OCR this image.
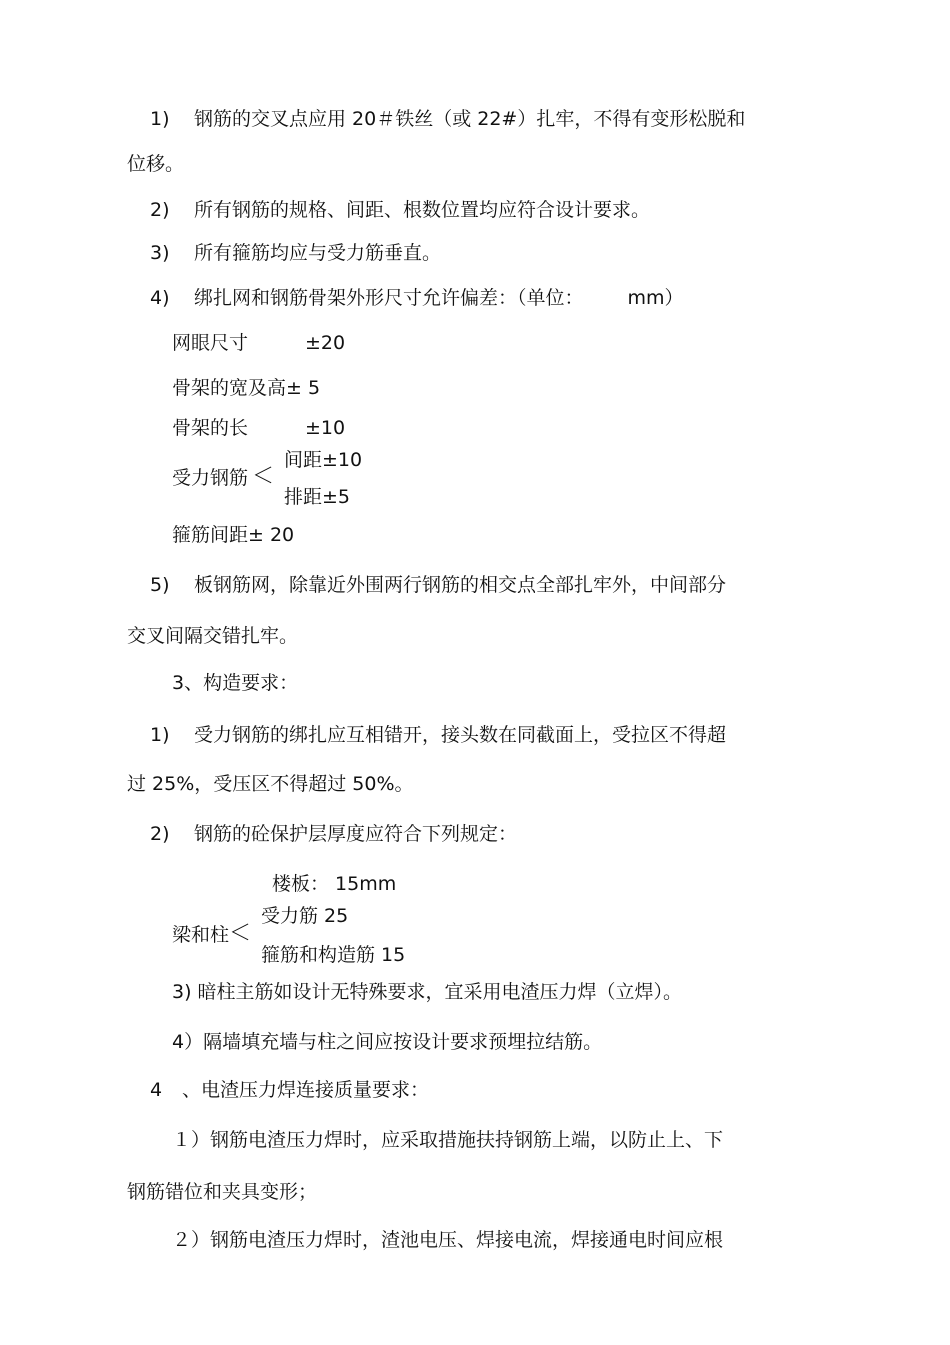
1) 钢筋的交叉点应用 20＃铁丝（或 22#）扎牢，不得有变形松脱和
位移。
2) 所有钢筋的规格、间距、根数位置均应符合设计要求。
3) 所有箍筋均应与受力筋垂直。
4) 绑扎网和钢筋骨架外形尺寸允许偏差：（单位： mm）
网眼尺寸	±20
骨架的宽及高± 5
骨架的长	±10
受力钢筋 ＜
间距±10
排距±5
箍筋间距± 20
5) 板钢筋网，除靠近外围两行钢筋的相交点全部扎牢外，中间部分
交叉间隔交错扎牢。
3、构造要求：
1) 受力钢筋的绑扎应互相错开，接头数在同截面上，受拉区不得超
过 25%，受压区不得超过 50%。
2) 钢筋的砼保护层厚度应符合下列规定：
楼板： 15mm
梁和柱 ＜
受力筋 25
箍筋和构造筋 15
3) 暗柱主筋如设计无特殊要求，宜采用电渣压力焊（立焊）。
4）隔墙填充墙与柱之间应按设计要求预埋拉结筋。
4 、电渣压力焊连接质量要求：
１）钢筋电渣压力焊时，应采取措施扶持钢筋上端，以防止上、下
钢筋错位和夹具变形；
２）钢筋电渣压力焊时，渣池电压、焊接电流，焊接通电时间应根
